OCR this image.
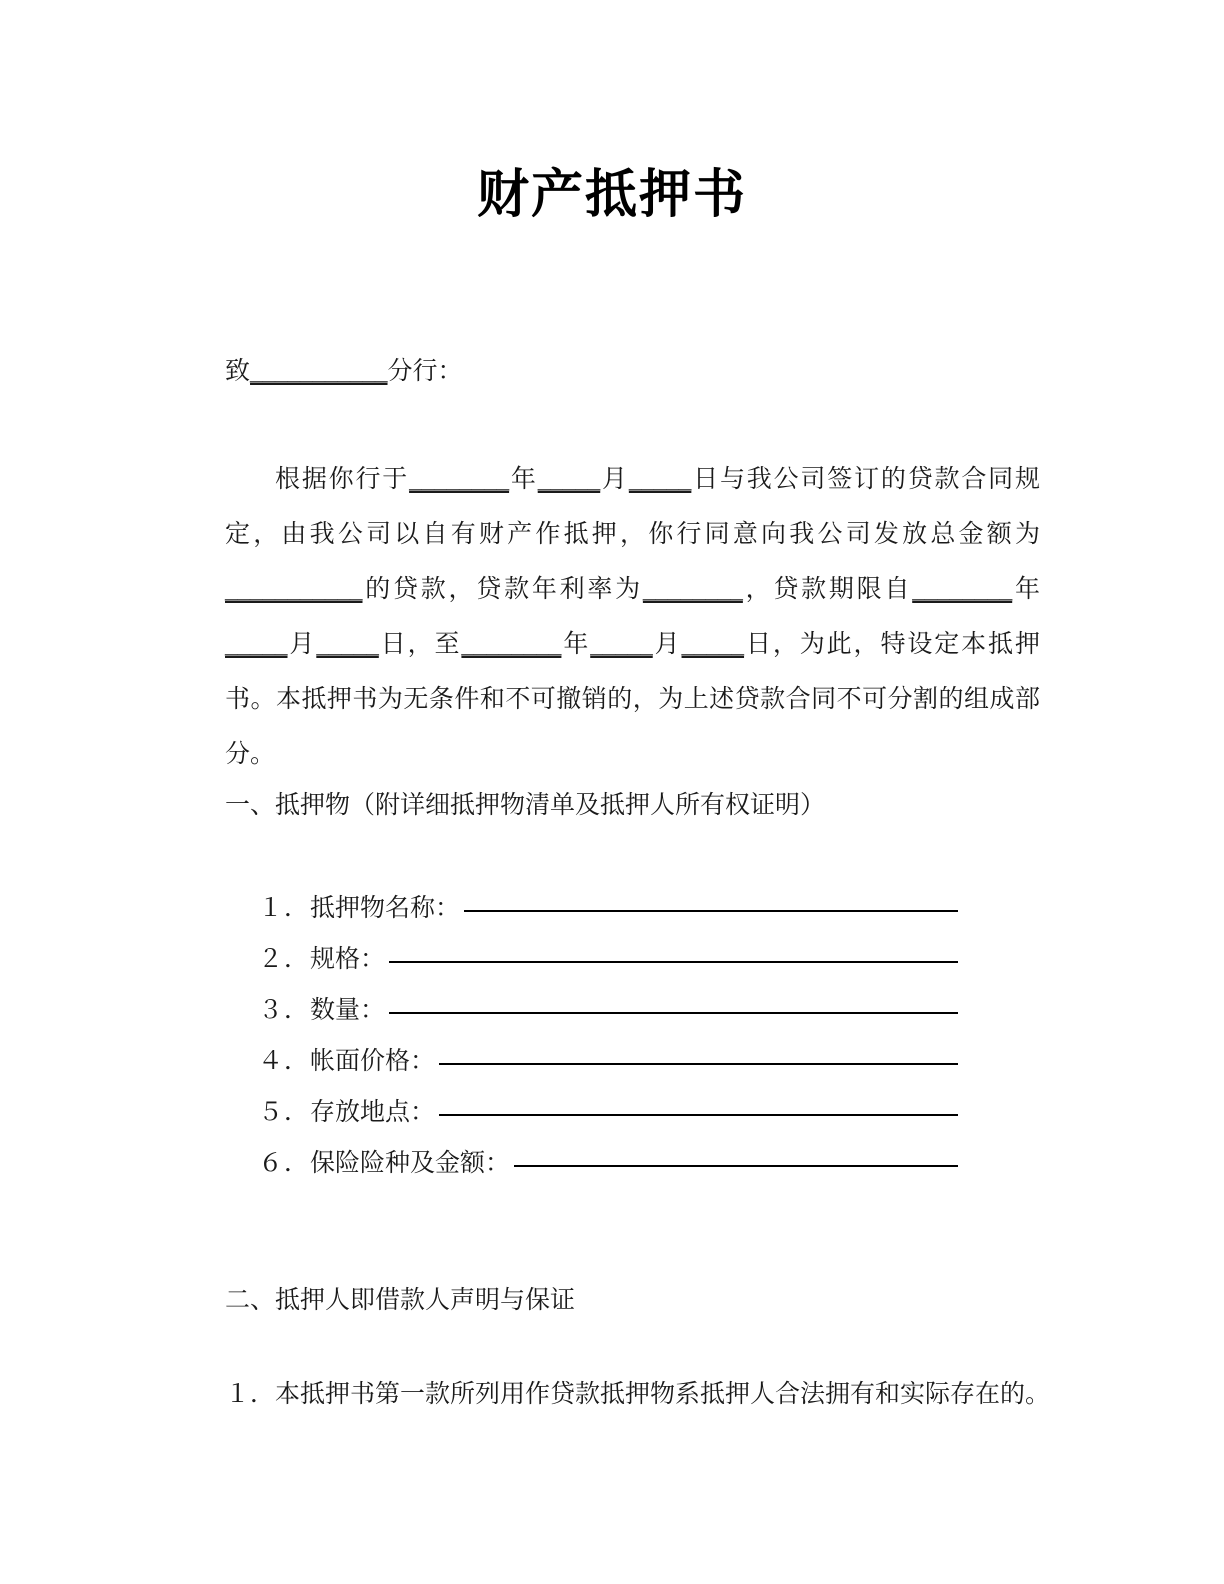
财产抵押书
致___________分行：
根据你行于________年_____月_____日与我公司签订的贷款合同规定，由我公司以自有财产作抵押，你行同意向我公司发放总金额为___________的贷款，贷款年利率为________，贷款期限自________年_____月_____日，至________年_____月_____日，为此，特设定本抵押书。本抵押书为无条件和不可撤销的，为上述贷款合同不可分割的组成部分。
一、抵押物（附详细抵押物清单及抵押人所有权证明）
１． 抵押物名称：
２． 规格：
３． 数量：
４． 帐面价格：
５． 存放地点：
６． 保险险种及金额：
二、抵押人即借款人声明与保证
１．本抵押书第一款所列用作贷款抵押物系抵押人合法拥有和实际存在的。
